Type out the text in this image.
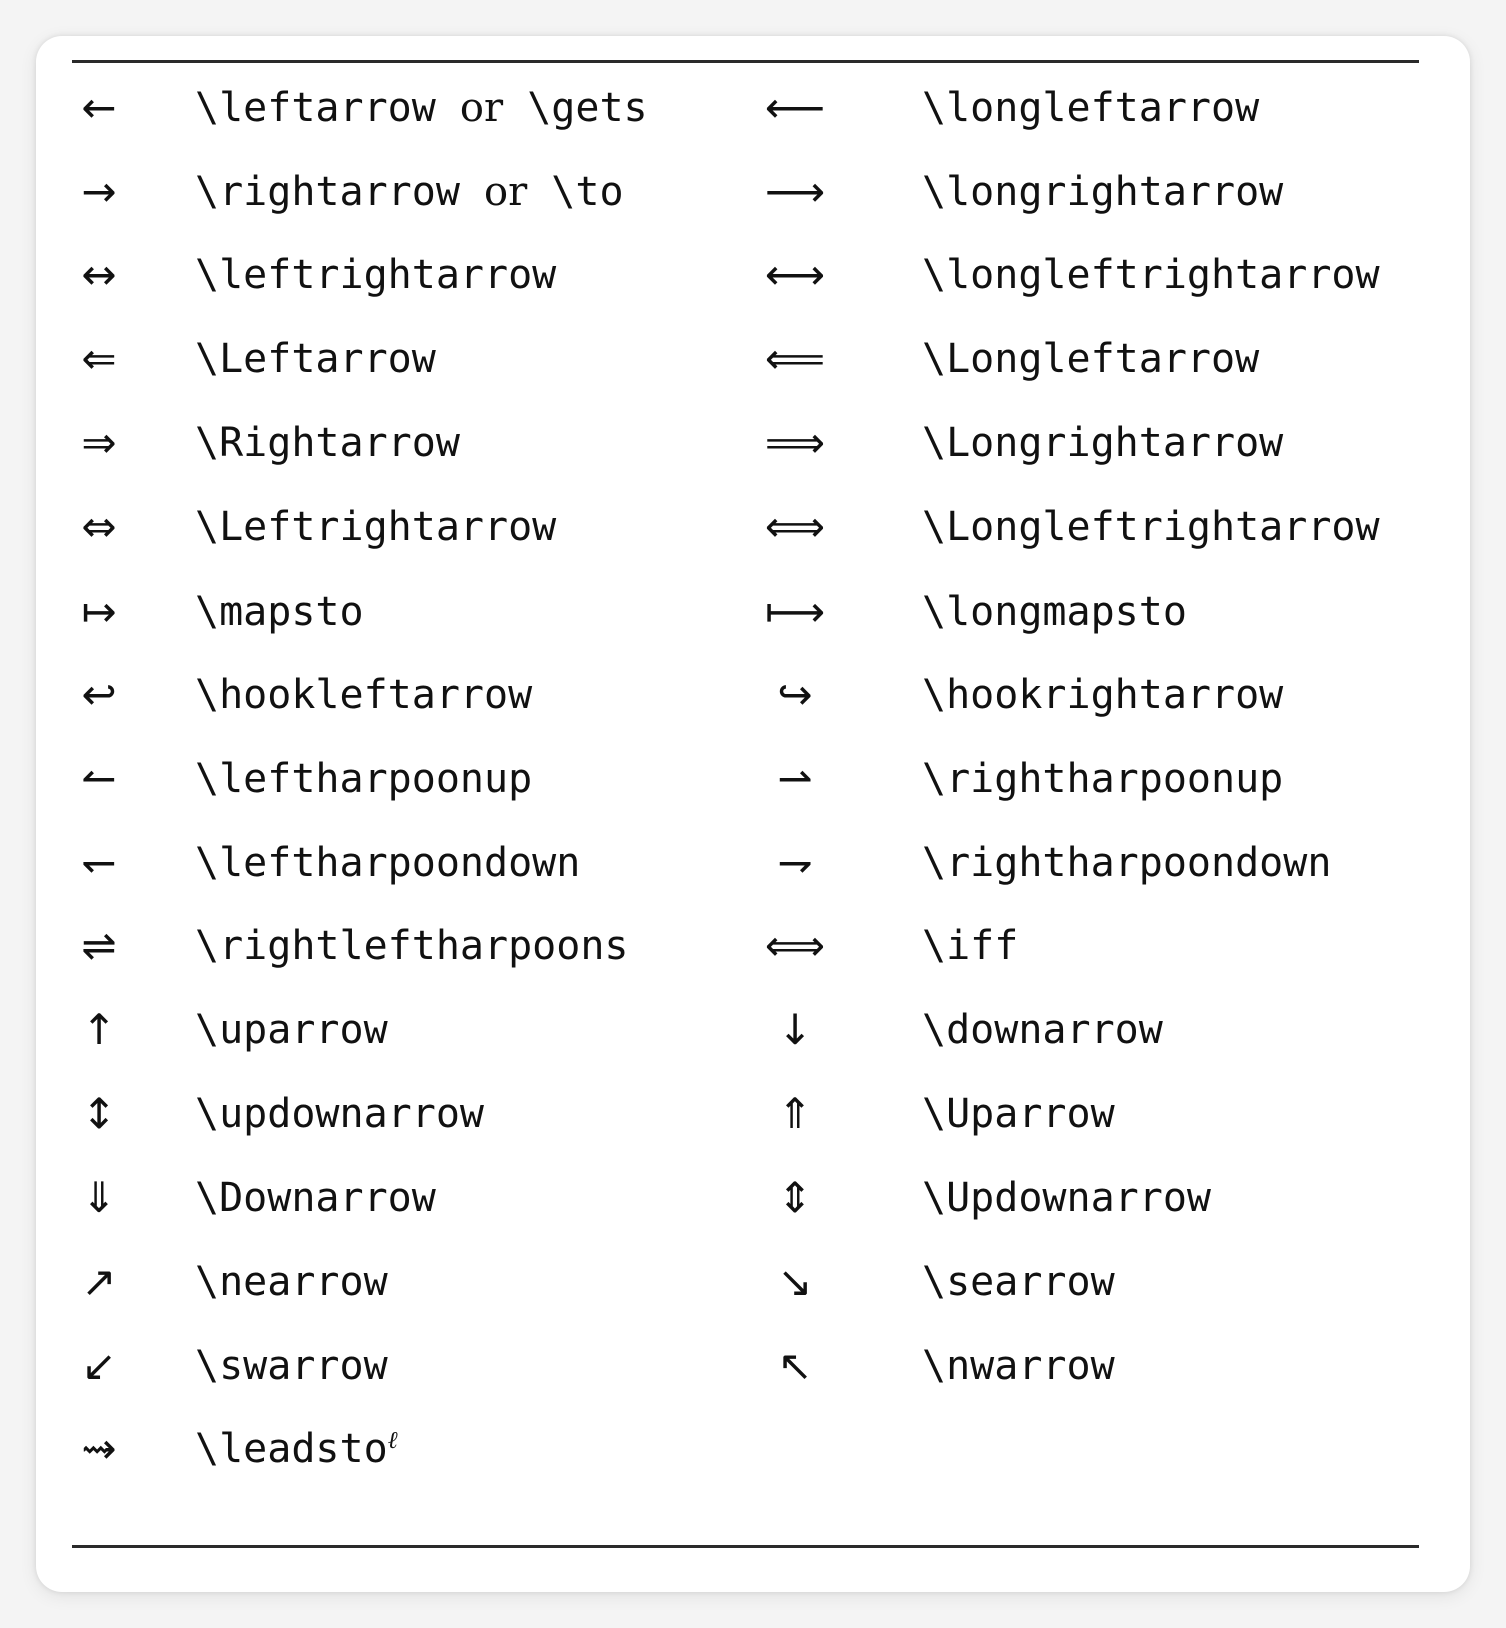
←	\leftarrow or \gets	⟵	\longleftarrow
→	\rightarrow or \to	⟶	\longrightarrow
↔	\leftrightarrow	⟷	\longleftrightarrow
⇐	\Leftarrow	⟸	\Longleftarrow
⇒	\Rightarrow	⟹	\Longrightarrow
⇔	\Leftrightarrow	⟺	\Longleftrightarrow
↦	\mapsto	⟼	\longmapsto
↩	\hookleftarrow	↪	\hookrightarrow
↼	\leftharpoonup	⇀	\rightharpoonup
↽	\leftharpoondown	⇁	\rightharpoondown
⇌	\rightleftharpoons	⟺	\iff
↑	\uparrow	↓	\downarrow
↕	\updownarrow	⇑	\Uparrow
⇓	\Downarrow	⇕	\Updownarrow
↗	\nearrow	↘	\searrow
↙	\swarrow	↖	\nwarrow
⇝	\leadsto$^\ell$
